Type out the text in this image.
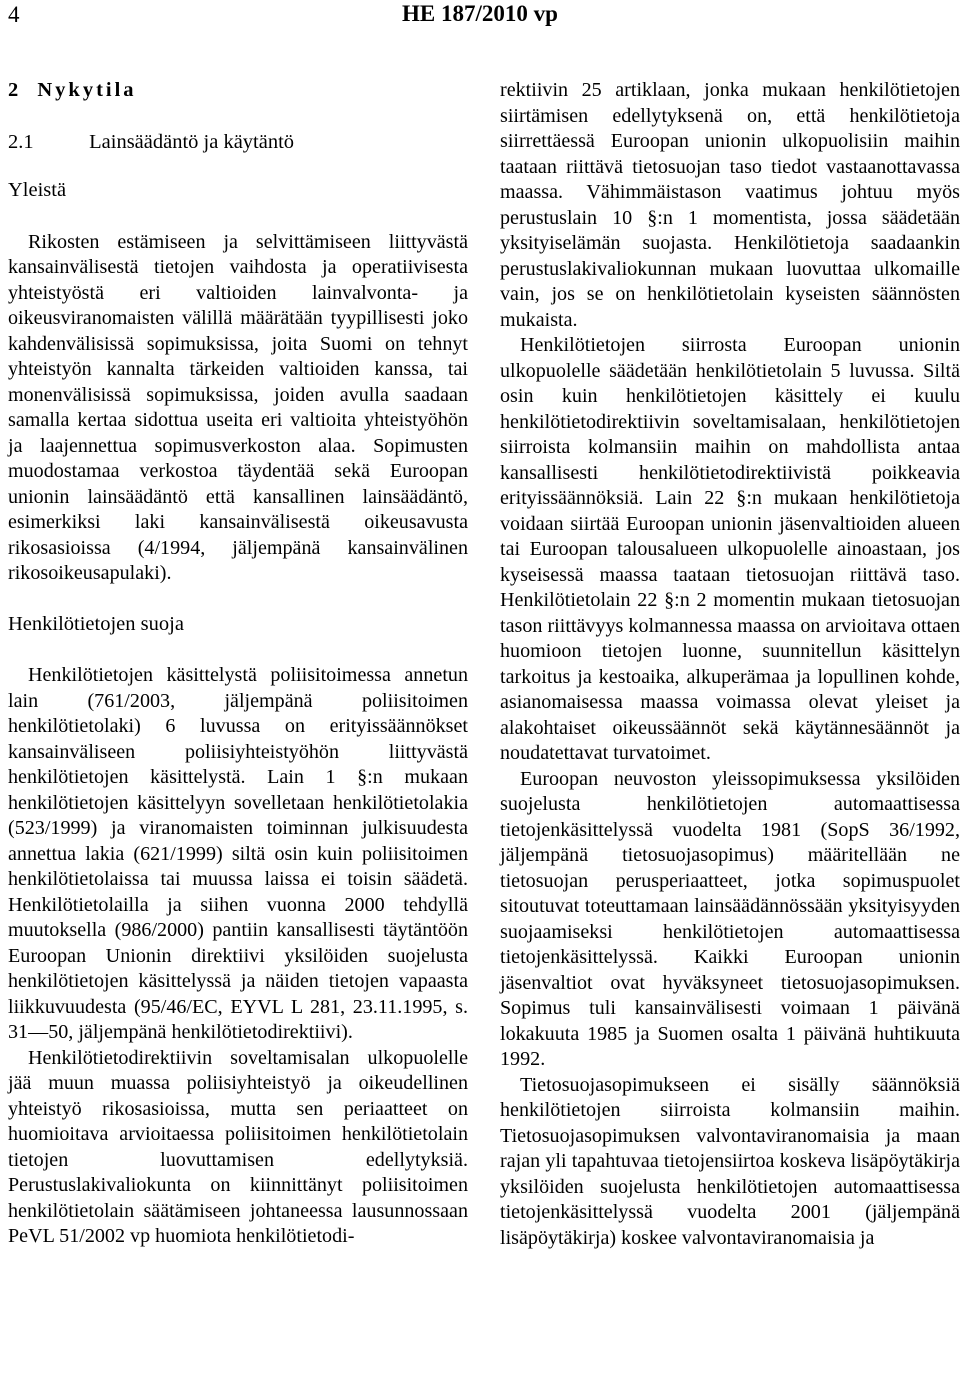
4	HE 187/2010 vp
2 Nykytila
2.1	Lainsäädäntö ja käytäntö
Yleistä

Rikosten estämiseen ja selvittämiseen liittyvästä kansainvälisestä tietojen vaihdosta ja operatiivisesta yhteistyöstä eri valtioiden lainvalvonta- ja oikeusviranomaisten välillä määrätään tyypillisesti joko kahdenvälisissä sopimuksissa, joita Suomi on tehnyt yhteistyön kannalta tärkeiden valtioiden kanssa, tai monenvälisissä sopimuksissa, joiden avulla saadaan samalla kertaa sidottua useita eri valtioita yhteistyöhön ja laajennettua sopimusverkoston alaa. Sopimusten muodostamaa verkostoa täydentää sekä Euroopan unionin lainsäädäntö että kansallinen lainsäädäntö, esimerkiksi laki kansainvälisestä oikeusavusta rikosasioissa (4/1994, jäljempänä kansainvälinen rikosoikeusapulaki).

Henkilötietojen suoja

Henkilötietojen käsittelystä poliisitoimessa annetun lain (761/2003, jäljempänä poliisitoimen henkilötietolaki) 6 luvussa on erityissäännökset kansainväliseen poliisiyhteistyöhön liittyvästä henkilötietojen käsittelystä. Lain 1 §:n mukaan henkilötietojen käsittelyyn sovelletaan henkilötietolakia (523/1999) ja viranomaisten toiminnan julkisuudesta annettua lakia (621/1999) siltä osin kuin poliisitoimen henkilötietolaissa tai muussa laissa ei toisin säädetä. Henkilötietolailla ja siihen vuonna 2000 tehdyllä muutoksella (986/2000) pantiin kansallisesti täytäntöön Euroopan Unionin direktiivi yksilöiden suojelusta henkilötietojen käsittelyssä ja näiden tietojen vapaasta liikkuvuudesta (95/46/EC, EYVL L 281, 23.11.1995, s. 31—50, jäljempänä henkilötietodirektiivi).

Henkilötietodirektiivin soveltamisalan ulkopuolelle jää muun muassa poliisiyhteistyö ja oikeudellinen yhteistyö rikosasioissa, mutta sen periaatteet on huomioitava arvioitaessa poliisitoimen henkilötietolain tietojen luovuttamisen edellytyksiä. Perustuslakivaliokunta on kiinnittänyt poliisitoimen henkilötietolain säätämiseen johtaneessa lausunnossaan PeVL 51/2002 vp huomiota henkilötietodi-

rektiivin 25 artiklaan, jonka mukaan henkilötietojen siirtämisen edellytyksenä on, että henkilötietoja siirrettäessä Euroopan unionin ulkopuolisiin maihin taataan riittävä tietosuojan taso tiedot vastaanottavassa maassa. Vähimmäistason vaatimus johtuu myös perustuslain 10 §:n 1 momentista, jossa säädetään yksityiselämän suojasta. Henkilötietoja saadaankin perustuslakivaliokunnan mukaan luovuttaa ulkomaille vain, jos se on henkilötietolain kyseisten säännösten mukaista.

Henkilötietojen siirrosta Euroopan unionin ulkopuolelle säädetään henkilötietolain 5 luvussa. Siltä osin kuin henkilötietojen käsittely ei kuulu henkilötietodirektiivin soveltamisalaan, henkilötietojen siirroista kolmansiin maihin on mahdollista antaa kansallisesti henkilötietodirektiivistä poikkeavia erityissäännöksiä. Lain 22 §:n mukaan henkilötietoja voidaan siirtää Euroopan unionin jäsenvaltioiden alueen tai Euroopan talousalueen ulkopuolelle ainoastaan, jos kyseisessä maassa taataan tietosuojan riittävä taso. Henkilötietolain 22 §:n 2 momentin mukaan tietosuojan tason riittävyys kolmannessa maassa on arvioitava ottaen huomioon tietojen luonne, suunnitellun käsittelyn tarkoitus ja kestoaika, alkuperämaa ja lopullinen kohde, asianomaisessa maassa voimassa olevat yleiset ja alakohtaiset oikeussäännöt sekä käytännesäännöt ja noudatettavat turvatoimet.

Euroopan neuvoston yleissopimuksessa yksilöiden suojelusta henkilötietojen automaattisessa tietojenkäsittelyssä vuodelta 1981 (SopS 36/1992, jäljempänä tietosuojasopimus) määritellään ne tietosuojan perusperiaatteet, jotka sopimuspuolet sitoutuvat toteuttamaan lainsäädännössään yksityisyyden suojaamiseksi henkilötietojen automaattisessa tietojenkäsittelyssä. Kaikki Euroopan unionin jäsenvaltiot ovat hyväksyneet tietosuojasopimuksen. Sopimus tuli kansainvälisesti voimaan 1 päivänä lokakuuta 1985 ja Suomen osalta 1 päivänä huhtikuuta 1992.

Tietosuojasopimukseen ei sisälly säännöksiä henkilötietojen siirroista kolmansiin maihin. Tietosuojasopimuksen valvontaviranomaisia ja maan rajan yli tapahtuvaa tietojensiirtoa koskeva lisäpöytäkirja yksilöiden suojelusta henkilötietojen automaattisessa tietojenkäsittelyssä vuodelta 2001 (jäljempänä lisäpöytäkirja) koskee valvontaviranomaisia ja
